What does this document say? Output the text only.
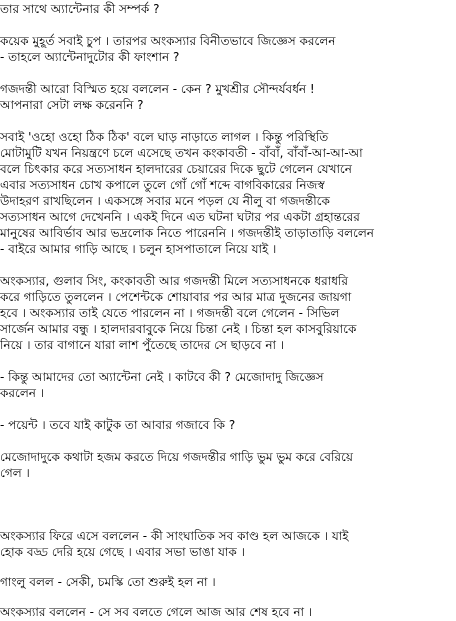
তার সাথে অ্যান্টেনার কী সম্পর্ক ?
কয়েক মুহূর্ত সবাই চুপ । তারপর অংকস্যার বিনীতভাবে জিজ্ঞেস করলেন
- তাহলে অ্যান্টেনাদুটোর কী ফাংশান ?
গজদন্তী আরো বিস্মিত হয়ে বললেন - কেন ? মুখশ্রীর সৌন্দর্যবর্ধন !
আপনারা সেটা লক্ষ করেননি ?
সবাই 'ওহো ওহো ঠিক ঠিক' বলে ঘাড় নাড়াতে লাগল । কিন্তু পরিস্থিতি
মোটামুটি যখন নিয়ন্ত্রণে চলে এসেছে তখন কংকাবতী - বাঁবাঁ, বাঁবাঁ-আ-আ-আ
বলে চিৎকার করে সত্যসাধন হালদারের চেয়ারের দিকে ছুটে গেলেন যেখানে
এবার সত্যসাধন চোখ কপালে তুলে গোঁ গোঁ শব্দে বাগবিকারের নিজস্ব
উদাহরণ রাখছিলেন । একসঙ্গে সবার মনে পড়ল যে নীলু বা গজদন্তীকে
সত্যসাধন আগে দেখেননি । একই দিনে এত ঘটনা ঘটার পর একটা গ্রহান্তরের
মানুষের আবির্ভাব আর ভদ্রলোক নিতে পারেননি । গজদন্তীই তাড়াতাড়ি বললেন
- বাইরে আমার গাড়ি আছে । চলুন হাসপাতালে নিয়ে যাই ।
অংকস্যার, গুলাব সিং, কংকাবতী আর গজদন্তী মিলে সত্যসাধনকে ধরাধরি
করে গাড়িতে তুললেন । পেশেন্টকে শোয়াবার পর আর মাত্র দুজনের জায়গা
হবে । অংকস্যার তাই যেতে পারলেন না । গজদন্তী বলে গেলেন - সিভিল
সার্জেন আমার বন্ধু । হালদারবাবুকে নিয়ে চিন্তা নেই । চিন্তা হল কাসবুরিয়াকে
নিয়ে । তার বাগানে যারা লাশ পুঁতেছে তাদের সে ছাড়বে না ।
- কিন্তু আমাদের তো অ্যান্টেনা নেই । কাটবে কী ? মেজোদাদু জিজ্ঞেস
করলেন ।
- পয়েন্ট । তবে যাই কাটুক তা আবার গজাবে কি ?
মেজোদাদুকে কথাটা হজম করতে দিয়ে গজদন্তীর গাড়ি ভুম ভুম করে বেরিয়ে
গেল ।
অংকস্যার ফিরে এসে বললেন - কী সাংঘাতিক সব কাণ্ড হল আজকে । যাই
হোক বড্ড দেরি হয়ে গেছে । এবার সভা ভাঙা যাক ।
গাংলু বলল - সেকী, চমস্কি তো শুরুই হল না ।
অংকস্যার বললেন - সে সব বলতে গেলে আজ আর শেষ হবে না ।
